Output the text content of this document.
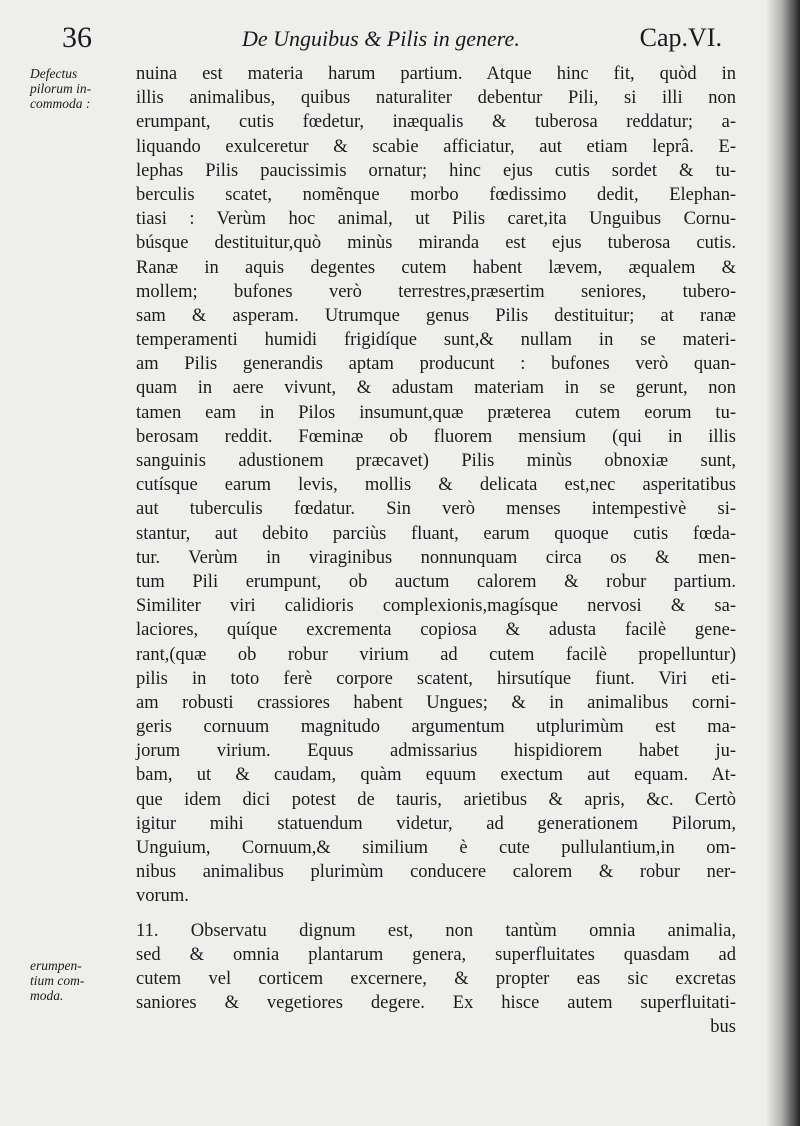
36	De Unguibus & Pilis in genere.	Cap.VI.
Defectus
pilorum in-
commoda :
erumpen-
tium com-
moda.
nuina est materia harum partium. Atque hinc fit, quòd in
illis animalibus, quibus naturaliter debentur Pili, si illi non
erumpant, cutis fœdetur, inæqualis & tuberosa reddatur; a-
liquando exulceretur & scabie afficiatur, aut etiam leprâ. E-
lephas Pilis paucissimis ornatur; hinc ejus cutis sordet & tu-
berculis scatet, nomẽnque morbo fœdissimo dedit, Elephan-
tiasi : Verùm hoc animal, ut Pilis caret,ita Unguibus Cornu-
búsque destituitur,quò minùs miranda est ejus tuberosa cutis.
Ranæ in aquis degentes cutem habent lævem, æqualem &
mollem; bufones verò terrestres,præsertim seniores, tubero-
sam & asperam. Utrumque genus Pilis destituitur; at ranæ
temperamenti humidi frigidíque sunt,& nullam in se materi-
am Pilis generandis aptam producunt : bufones verò quan-
quam in aere vivunt, & adustam materiam in se gerunt, non
tamen eam in Pilos insumunt,quæ præterea cutem eorum tu-
berosam reddit. Fœminæ ob fluorem mensium (qui in illis
sanguinis adustionem præcavet) Pilis minùs obnoxiæ sunt,
cutísque earum levis, mollis & delicata est,nec asperitatibus
aut tuberculis fœdatur. Sin verò menses intempestivè si-
stantur, aut debito parciùs fluant, earum quoque cutis fœda-
tur. Verùm in viraginibus nonnunquam circa os & men-
tum Pili erumpunt, ob auctum calorem & robur partium.
Similiter viri calidioris complexionis,magísque nervosi & sa-
laciores, quíque excrementa copiosa & adusta facilè gene-
rant,(quæ ob robur virium ad cutem facilè propelluntur)
pilis in toto ferè corpore scatent, hirsutíque fiunt. Viri eti-
am robusti crassiores habent Ungues; & in animalibus corni-
geris cornuum magnitudo argumentum utplurimùm est ma-
jorum virium. Equus admissarius hispidiorem habet ju-
bam, ut & caudam, quàm equum exectum aut equam. At-
que idem dici potest de tauris, arietibus & apris, &c. Certò
igitur mihi statuendum videtur, ad generationem Pilorum,
Unguium, Cornuum,& similium è cute pullulantium,in om-
nibus animalibus plurimùm conducere calorem & robur ner-
vorum.
11. Observatu dignum est, non tantùm omnia animalia,
sed & omnia plantarum genera, superfluitates quasdam ad
cutem vel corticem excernere, & propter eas sic excretas
saniores & vegetiores degere. Ex hisce autem superfluitati-
bus
